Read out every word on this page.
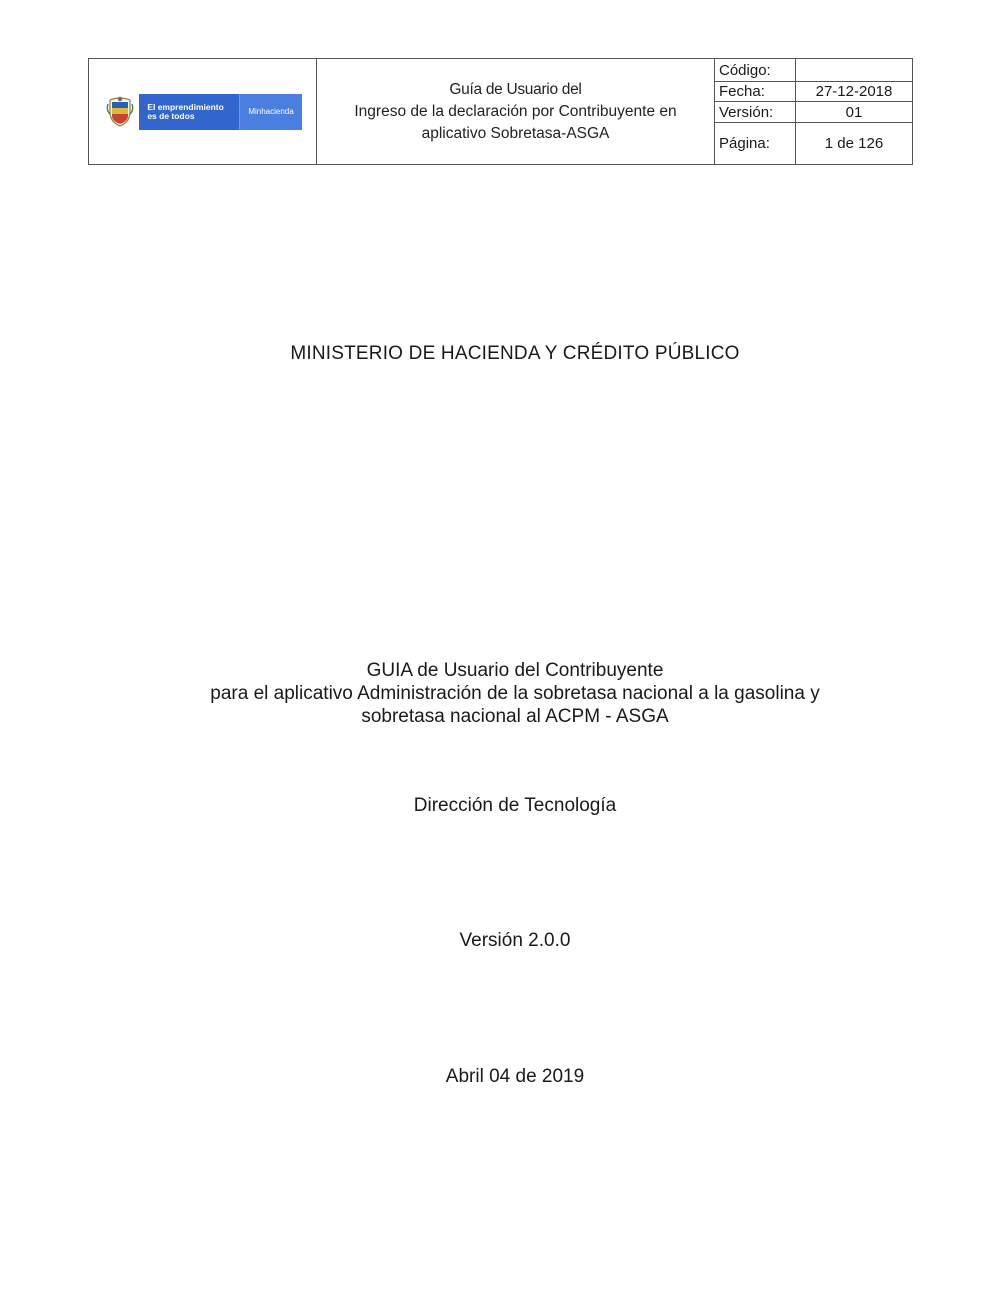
El emprendimiento es de todos	Minhacienda
Guía de Usuario del
Ingreso de la declaración por Contribuyente en
aplicativo Sobretasa-ASGA
Código:
Fecha:	27-12-2018
Versión:	01
Página:	1 de 126
MINISTERIO DE HACIENDA Y CRÉDITO PÚBLICO
GUIA de Usuario del Contribuyente
para el aplicativo Administración de la sobretasa nacional a la gasolina y
sobretasa nacional al ACPM - ASGA
Dirección de Tecnología
Versión 2.0.0
Abril 04 de 2019
